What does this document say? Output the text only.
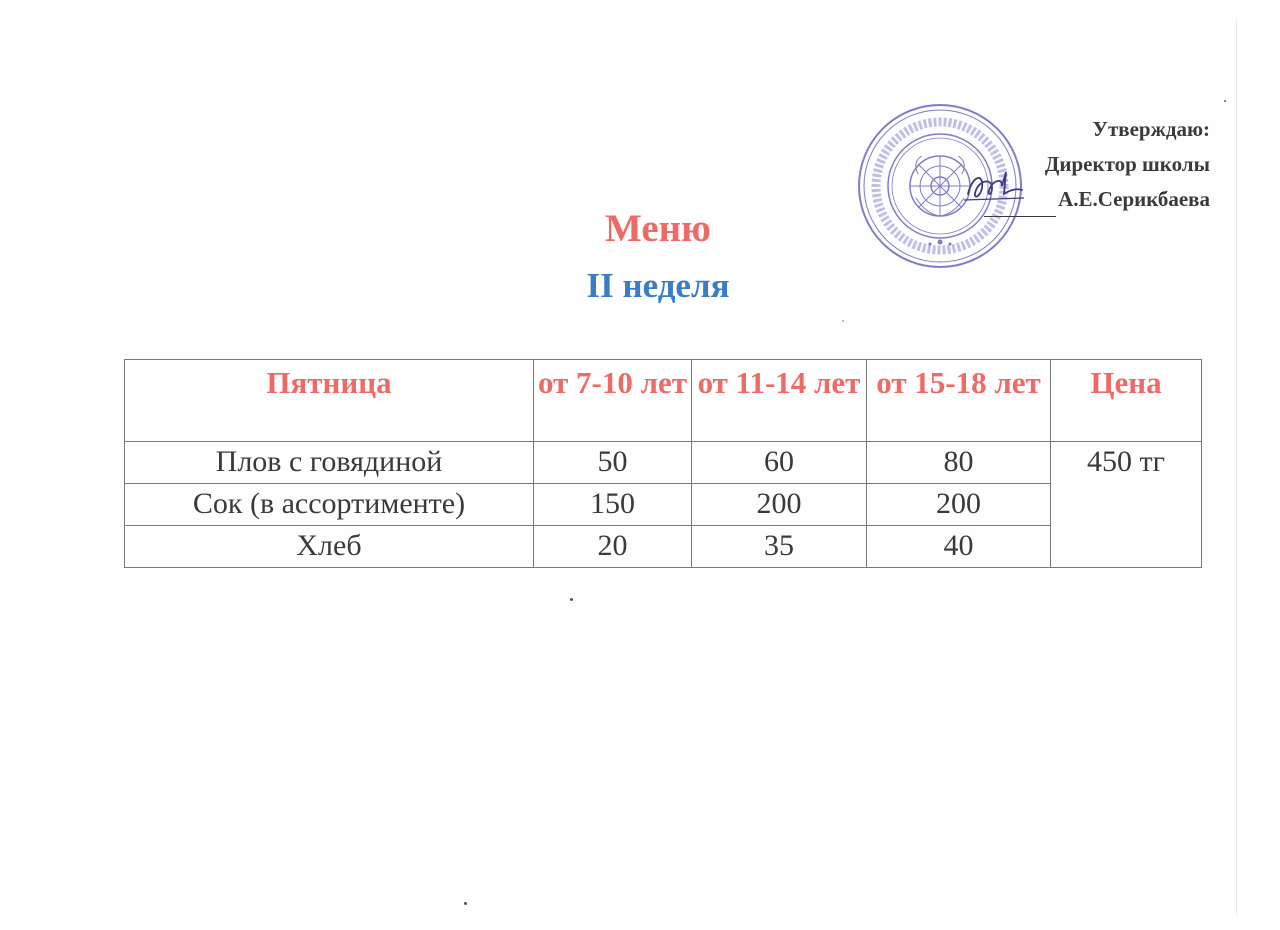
Утверждаю:
Директор школы
А.Е.Серикбаева
Меню
II неделя
Пятница	от 7-10 лет	от 11-14 лет	от 15-18 лет	Цена
Плов с говядиной	50	60	80	450 тг
Сок (в ассортименте)	150	200	200	
Хлеб	20	35	40	
